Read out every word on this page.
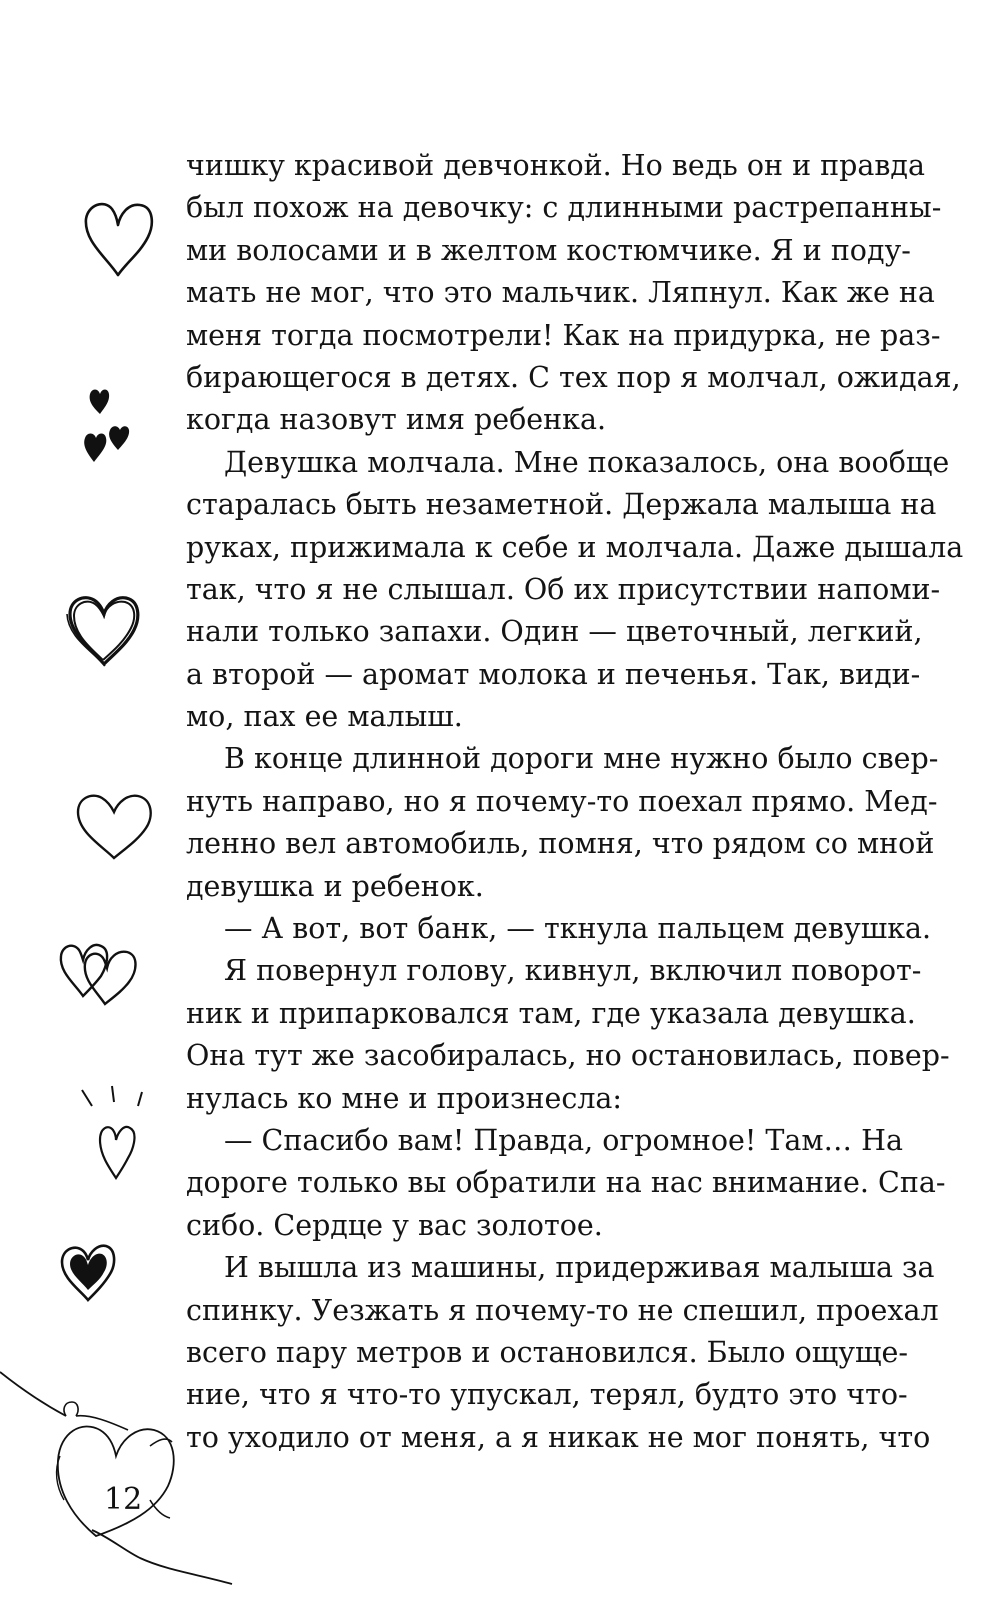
чишку красивой девчонкой. Но ведь он и правда
был похож на девочку: с длинными растрепанны-
ми волосами и в желтом костюмчике. Я и поду-
мать не мог, что это мальчик. Ляпнул. Как же на
меня тогда посмотрели! Как на придурка, не раз-
бирающегося в детях. С тех пор я молчал, ожидая,
когда назовут имя ребенка.
Девушка молчала. Мне показалось, она вообще
старалась быть незаметной. Держала малыша на
руках, прижимала к себе и молчала. Даже дышала
так, что я не слышал. Об их присутствии напоми-
нали только запахи. Один — цветочный, легкий,
а второй — аромат молока и печенья. Так, види-
мо, пах ее малыш.
В конце длинной дороги мне нужно было свер-
нуть направо, но я почему-то поехал прямо. Мед-
ленно вел автомобиль, помня, что рядом со мной
девушка и ребенок.
— А вот, вот банк, — ткнула пальцем девушка.
Я повернул голову, кивнул, включил поворот-
ник и припарковался там, где указала девушка.
Она тут же засобиралась, но остановилась, повер-
нулась ко мне и произнесла:
— Спасибо вам! Правда, огромное! Там… На
дороге только вы обратили на нас внимание. Спа-
сибо. Сердце у вас золотое.
И вышла из машины, придерживая малыша за
спинку. Уезжать я почему-то не спешил, проехал
всего пару метров и остановился. Было ощуще-
ние, что я что-то упускал, терял, будто это что-
то уходило от меня, а я никак не мог понять, что
12
